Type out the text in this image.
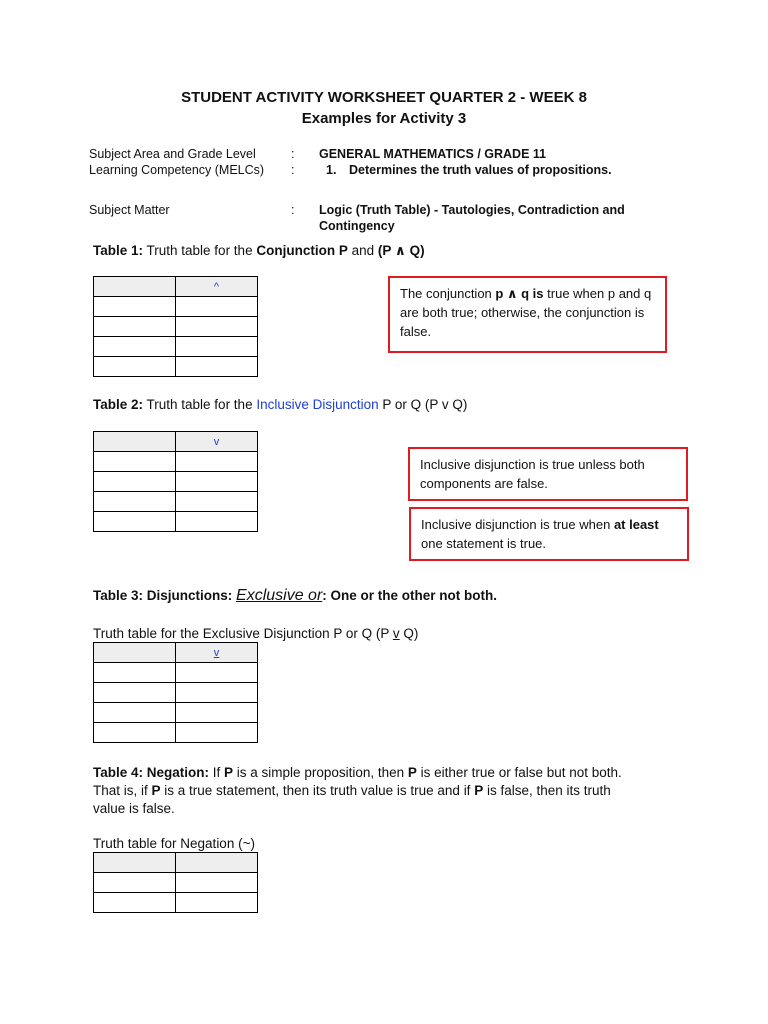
STUDENT ACTIVITY WORKSHEET QUARTER 2 - WEEK 8
Examples for Activity 3
Subject Area and Grade Level	: GENERAL MATHEMATICS / GRADE 11
Learning Competency (MELCs) :	1. Determines the truth values of propositions.
Subject Matter	: Logic (Truth Table) - Tautologies, Contradiction and
Contingency
Table 1: Truth table for the Conjunction P and (P ∧ Q)
	^

		The conjunction p ∧ q is true when p and q are both true; otherwise, the conjunction is false.
Table 2: Truth table for the Inclusive Disjunction P or Q (P v Q)
	v

Inclusive disjunction is true unless both components are false.
Inclusive disjunction is true when at least one statement is true.
Table 3: Disjunctions: Exclusive or: One or the other not both.
Truth table for the Exclusive Disjunction P or Q (P v Q)
	v

Table 4: Negation: If P is a simple proposition, then P is either true or false but not both.
That is, if P is a true statement, then its truth value is true and if P is false, then its truth
value is false.
Truth table for Negation (~)
